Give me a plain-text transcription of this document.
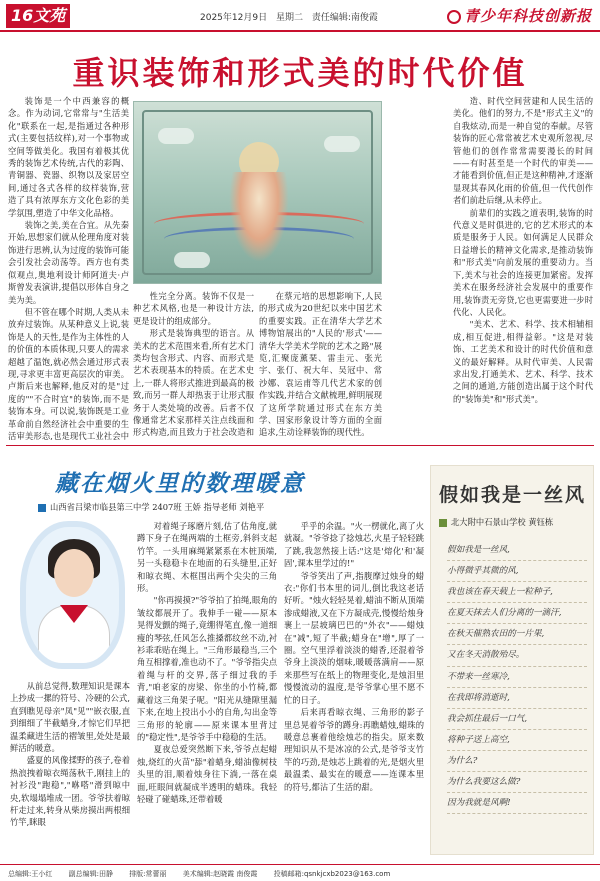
16文苑	2025年12月9日 星期二 责任编辑:南俊霞	青少年科技创新报
重识装饰和形式美的时代价值

装饰是一个中西兼容的概念。作为动词,它常常与"生活美化"联系在一起,是指通过各种形式(主要包括纹样),对一个事物或空间等做美化。我国有着极其优秀的装饰艺术传统,古代的彩陶、青铜器、瓷器、织物以及家居空间,通过各式各样的纹样装饰,营造了具有浓厚东方文化色彩的美学氛围,塑造了中华文化品格。

装饰之美,美在合宜。从先秦开始,思想家们就从伦理角度对装饰进行思辨,认为过度的装饰可能会引发社会动荡等。西方也有类似观点,奥地利设计师阿道夫·卢斯曾发表演讲,提倡以形体自身之美为美。

但不管在哪个时期,人类从未放弃过装饰。从某种意义上说,装饰是人的天性,是作为主体性的人的价值的本质体现,只要人的需求超越了温饱,就必然会通过形式表现,寻求更丰富更高层次的审美。卢斯后来也解释,他反对的是"过度的""不合时宜"的装饰,而不是装饰本身。可以说,装饰既是工业革命前自然经济社会中重要的生活审美形态,也是现代工业社会中

性完全分离。装饰不仅是一种艺术风格,也是一种设计方法,更是设计的组成部分。

形式是装饰典型的语言。从美术的艺术范围来看,所有艺术门类均包含形式、内容、而形式是艺术表现基本的特质。在艺术史上,一群人将形式推进到最高的极致,而另一群人却热衷于让形式服务于人类处境的改善。后者不仅像通常艺术家那样关注点线面和形式构造,而且致力于社会改造和

在蔡元培的思想影响下,人民的形式成为20世纪以来中国艺术的重要实践。正在清华大学艺术博物馆展出的"人民的'形式'——清华大学美术学院的艺术之路"展览,汇聚庞薰琹、雷圭元、张光宇、张仃、祝大年、吴冠中、常沙娜、袁运甫等几代艺术家的创作实践,并结合文献梳理,鲜明展现了这所学院通过形式在东方美学、国家形象设计等方面的全面追求,生动诠释装饰的现代性。

造、时代空间营建和人民生活的美化。他们的努力,不是"形式主义"的自我炫动,而是一种自觉的奉献。尽管装饰的匠心常常被艺术史观所忽视,尽管他们的创作常常需要漫长的时间——有时甚至是一个时代的审美——才能看到价值,但正是这种精神,才逐渐显现其春风化雨的价值,但一代代创作者们前赴后继,从未停止。

前辈们的实践之道表明,装饰的时代意义是时俱进的,它的艺术形式的本质是服务于人民。如何满足人民群众日益增长的精神文化需求,是推动装饰和"形式美"向前发展的重要动力。当下,美术与社会的连接更加紧密。发挥美术在服务经济社会发展中的重要作用,装饰责无旁贷,它也更需要进一步时代化、人民化。

"美术、艺术、科学、技术相辅相成,相互促进,相得益彰。"这是对装饰、工艺美术和设计的时代价值和意义的最好解释。从时代审美、人民需求出发,打通美术、艺术、科学、技术之间的通道,方能创造出属于这个时代的"装饰美"和"形式美"。

藏在烟火里的数理暖意
山西省吕梁市临县第三中学 2407班 王娇 指导老师 刘艳平

从前总觉得,数理知识是课本上抄成一摞的符号、冷硬的公式,直到瞧见母亲"凤"见""嵌衣服,直到细细了半截蜡身,才惊它们早把温柔藏进生活的褶皱里,处处是最鲜活的暖意。

盛夏的风像揉野的孩子,卷着热浪拽着晾衣绳荡秋千,刚挂上的衬衫没"跑稳","咻嗒"滑到晾中央,软塌塌堆成一团。爷爷扶着晾杆走过来,转身从柴房摸出两根细竹竿,眯眼

对着绳子琢磨片刻,估了估角度,就蹲下身子在绳两端的土框旁,斜斜支起竹竿。一头用麻绳紧紧系在木桩顶端,另一头稳稳卡在地面的石头缝里,正好和晾衣绳、木框围出两个尖尖的三角形。

"你再摸摸?"爷爷拍了拍绳,眼角的皱纹都展开了。我伸手一碰——原本晃得发颤的绳子,竟绷得笔直,像一道细瘦的琴弦,任风怎么推搡都纹丝不动,衬衫乖乖贴在绳上。"三角形最稳当,三个角互相撑着,准也动不了。"爷爷指尖点着绳与杆的交界,落子细过我的手背,"咱老家的房梁、你坐的小竹椅,都藏着这三角架子呢。"阳光从缝隙里漏下来,在地上投出小小的自角,勾出金等三角形的轮廓——原来课本里背过的"稳定性",是爷爷手中稳稳的生活。

夏夜总爱突然断下来,爷爷点起蜡烛,烧红的火苗"舔"着蜡身,蜡油像树枝头里的泪,顺着烛身往下淌,一落在桌面,旺眼间就凝成半透明的蜡珠。我轻轻碰了碰蜡珠,还带着暖

乎乎的余温。"火一楞就化,离了火就凝。"爷爷捻了捻烛芯,火星子轻轻跳了跳,我忽然接上话:"这是'熔化'和'凝固',课本里学过的!"

爷爷笑出了声,指腹摩过烛身的蜡衣:"你们书本里的词儿,倒比我这老话好听。"烛火轻轻晃着,蜡油不断从顶端渗成蜡液,又在下方凝成壳,慢慢给烛身裹上一层坡璃巴巴的"外衣"——蜡烛在"减",短了半截;蜡身在"增",厚了一圈。空气里浮着淡淡的蜡香,还混着爷爷身上淡淡的烟味,暖暖落满肩——原来那些写在纸上的物理变化,是烛泪里慢慢流动的温度,是爷爷掌心里不愿不忙的日子。

后来再看晾衣绳、三角形的影子里总晃着爷爷的蹲身:再瞧蜡烛,蜡珠的暖意总裹着他绘烛芯的指尖。原来数理知识从不是冰凉的公式,是爷爷支竹竿的巧劲,是烛芯上跳着的光,是烟火里最温柔、最实在的暖意——连课本里的符号,都沾了生活的甜。

假如我是一丝风
北大附中石景山学校 黄钰栋
假如我是一丝风,
小得微乎其微的风,
我也该在春天载上一粒种子,
在夏天抹去人们分离的一滴汗,
在秋天催熟农田的一片果,
又在冬天消散殆尽。
不带来一丝寒冷,
在我即将消逝时,
我会抓住最后一口气,
将种子送上高空,
为什么?
为什么我要这么做?
因为我就是风啊!
总编辑:王小红 副总编辑:田静 排版:常蕾丽 美术编辑:赵晓霞 南俊霞 投稿邮箱:qsnkjcxb2023@163.com
